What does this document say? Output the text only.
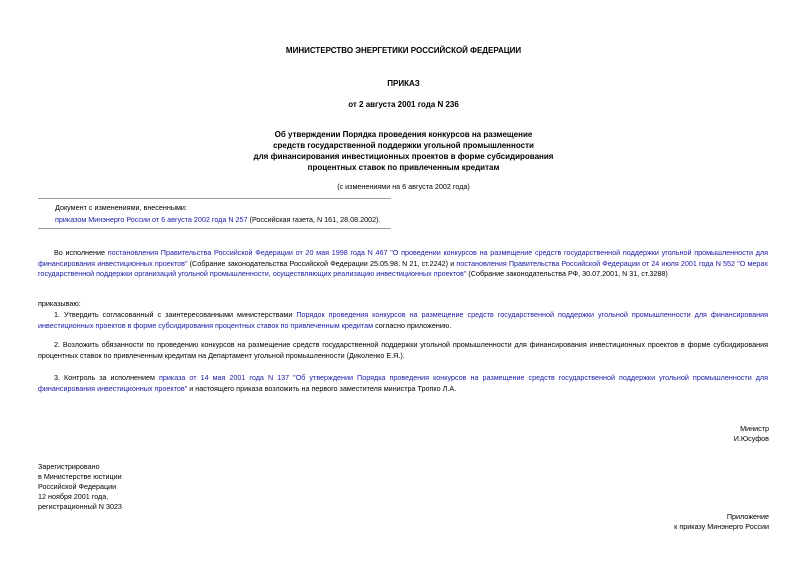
МИНИСТЕРСТВО ЭНЕРГЕТИКИ РОССИЙСКОЙ ФЕДЕРАЦИИ
ПРИКАЗ
от 2 августа 2001 года N 236
Об утверждении Порядка проведения конкурсов на размещение
средств государственной поддержки угольной промышленности
для финансирования инвестиционных проектов в форме субсидирования
процентных ставок по привлеченным кредитам
(с изменениями на 6 августа 2002 года)
Документ с изменениями, внесенными:
приказом Минэнерго России от 6 августа 2002 года N 257 (Российская газета, N 161, 28.08.2002).
Во исполнение постановления Правительства Российской Федерации от 20 мая 1998 года N 467 "О проведении конкурсов на размещение средств государственной поддержки угольной промышленности для финансирования инвестиционных проектов" (Собрание законодательства Российской Федерации 25.05.98, N 21, ст.2242) и постановления Правительства Российской Федерации от 24 июля 2001 года N 552 "О мерах государственной поддержки организаций угольной промышленности, осуществляющих реализацию инвестиционных проектов" (Собрание законодательства РФ, 30.07.2001, N 31, ст.3288)
приказываю:
1. Утвердить согласованный с заинтересованными министерствами Порядок проведения конкурсов на размещение средств государственной поддержки угольной промышленности для финансирования инвестиционных проектов в форме субсидирования процентных ставок по привлеченным кредитам согласно приложению.
2. Возложить обязанности по проведению конкурсов на размещение средств государственной поддержки угольной промышленности для финансирования инвестиционных проектов в форме субсидирования процентных ставок по привлеченным кредитам на Департамент угольной промышленности (Диколенко Е.Я.).
3. Контроль за исполнением приказа от 14 мая 2001 года N 137 "Об утверждении Порядка проведения конкурсов на размещение средств государственной поддержки угольной промышленности для финансирования инвестиционных проектов" и настоящего приказа возложить на первого заместителя министра Тропко Л.А.
Министр
И.Юсуфов
Зарегистрировано
в Министерстве юстиции
Российской Федерации
12 ноября 2001 года,
регистрационный N 3023
Приложение
к приказу Минэнерго России
